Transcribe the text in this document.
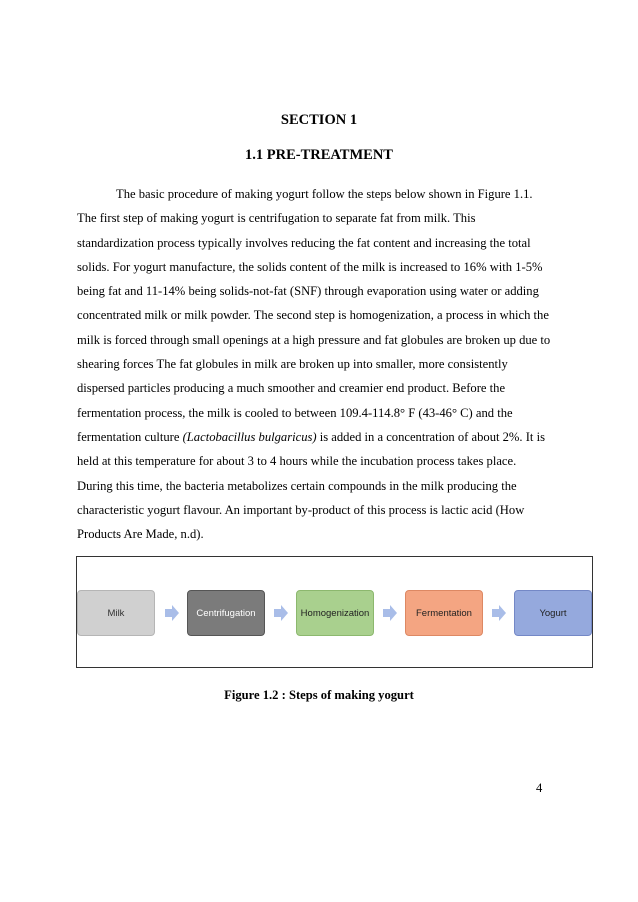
SECTION 1

1.1 PRE-TREATMENT

The basic procedure of making yogurt follow the steps below shown in Figure 1.1.
The first step of making yogurt is centrifugation to separate fat from milk. This
standardization process typically involves reducing the fat content and increasing the total
solids. For yogurt manufacture, the solids content of the milk is increased to 16% with 1-5%
being fat and 11-14% being solids-not-fat (SNF) through evaporation using water or adding
concentrated milk or milk powder. The second step is homogenization, a process in which the
milk is forced through small openings at a high pressure and fat globules are broken up due to
shearing forces The fat globules in milk are broken up into smaller, more consistently
dispersed particles producing a much smoother and creamier end product. Before the
fermentation process, the milk is cooled to between 109.4-114.8° F (43-46° C) and the
fermentation culture (Lactobacillus bulgaricus) is added in a concentration of about 2%. It is
held at this temperature for about 3 to 4 hours while the incubation process takes place.
During this time, the bacteria metabolizes certain compounds in the milk producing the
characteristic yogurt flavour. An important by-product of this process is lactic acid (How
Products Are Made, n.d).

Milk	Centrifugation	Homogenization	Fermentation	Yogurt

Figure 1.2 : Steps of making yogurt

4
